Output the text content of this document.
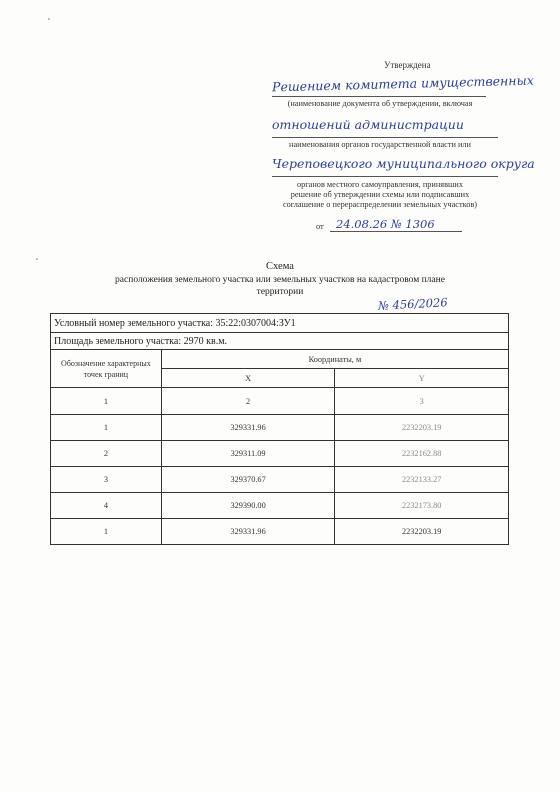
Утверждена
Решением комитета имущественных
(наименование документа об утверждении, включая
отношений администрации
наименования органов государственной власти или
Череповецкого муниципального округа
органов местного самоуправления, принявших
решение об утверждении схемы или подписавших
соглашение о перераспределении земельных участков)
от 24.08.26 № 1306
Схема
расположения земельного участка или земельных участков на кадастровом плане
территории
№ 456/2026
Условный номер земельного участка: 35:22:0307004:ЗУ1		
Площадь земельного участка: 2970 кв.м.		
Обозначение характерных точек границ	Координаты, м	
	X	Y
1	2	3
1	329331.96	2232203.19
2	329311.09	2232162.88
3	329370.67	2232133.27
4	329390.00	2232173.80
1	329331.96	2232203.19
